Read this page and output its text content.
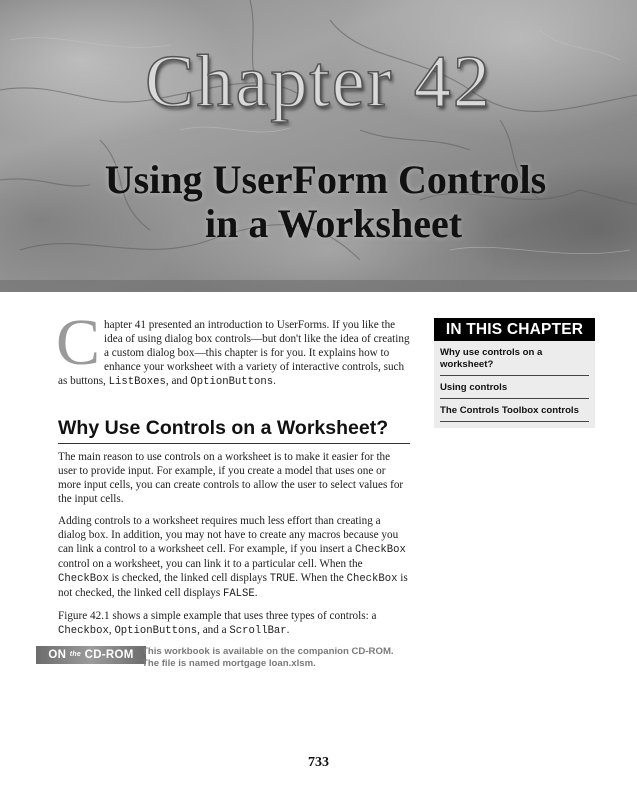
Chapter 42
Using UserForm Controls
in a Worksheet
C hapter 41 presented an introduction to UserForms. If you like the idea of using dialog box controls—but don't like the idea of creating a custom dialog box—this chapter is for you. It explains how to enhance your worksheet with a variety of interactive controls, such as buttons, ListBoxes, and OptionButtons.

Why Use Controls on a Worksheet?

The main reason to use controls on a worksheet is to make it easier for the user to provide input. For example, if you create a model that uses one or more input cells, you can create controls to allow the user to select values for the input cells.

Adding controls to a worksheet requires much less effort than creating a dialog box. In addition, you may not have to create any macros because you can link a control to a worksheet cell. For example, if you insert a CheckBox control on a worksheet, you can link it to a particular cell. When the CheckBox is checked, the linked cell displays TRUE. When the CheckBox is not checked, the linked cell displays FALSE.

Figure 42.1 shows a simple example that uses three types of controls: a Checkbox, OptionButtons, and a ScrollBar.

ON the CD-ROM This workbook is available on the companion CD-ROM. The file is named mortgage loan.xlsm.
IN THIS CHAPTER
Why use controls on a worksheet?
Using controls
The Controls Toolbox controls
733
